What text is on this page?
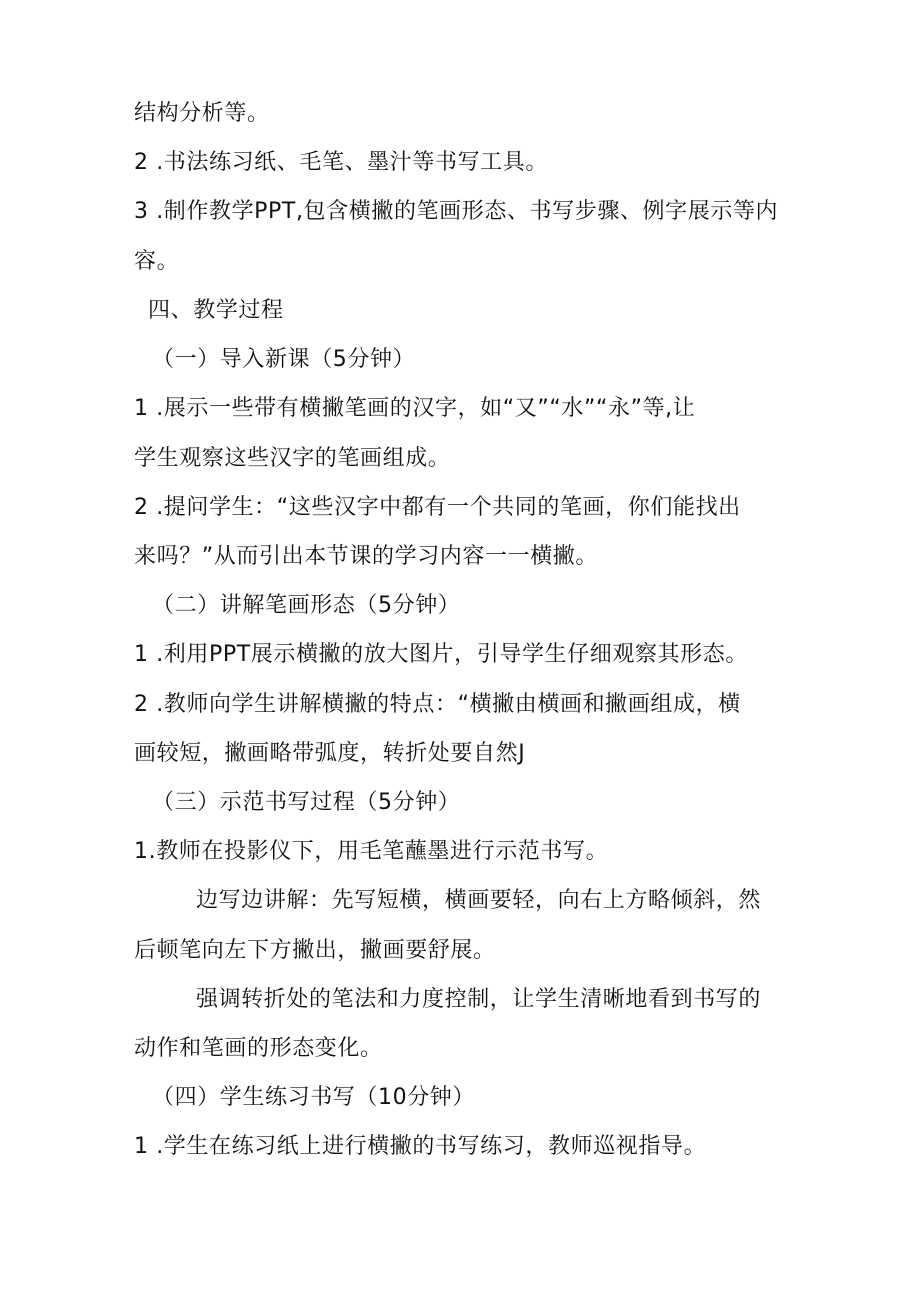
结构分析等。
2 .书法练习纸、毛笔、墨汁等书写工具。
3 .制作教学PPT,包含横撇的笔画形态、书写步骤、例字展示等内
容。
四、教学过程
（一）导入新课（5分钟）
1 .展示一些带有横撇笔画的汉字，如“又”“水”“永”等,让
学生观察这些汉字的笔画组成。
2 .提问学生：“这些汉字中都有一个共同的笔画，你们能找出
来吗？”从而引出本节课的学习内容一一横撇。
（二）讲解笔画形态（5分钟）
1 .利用PPT展示横撇的放大图片，引导学生仔细观察其形态。
2 .教师向学生讲解横撇的特点：“横撇由横画和撇画组成，横
画较短，撇画略带弧度，转折处要自然J
（三）示范书写过程（5分钟）
1.教师在投影仪下，用毛笔蘸墨进行示范书写。
边写边讲解：先写短横，横画要轻，向右上方略倾斜，然
后顿笔向左下方撇出，撇画要舒展。
强调转折处的笔法和力度控制，让学生清晰地看到书写的
动作和笔画的形态变化。
（四）学生练习书写（10分钟）
1 .学生在练习纸上进行横撇的书写练习，教师巡视指导。
